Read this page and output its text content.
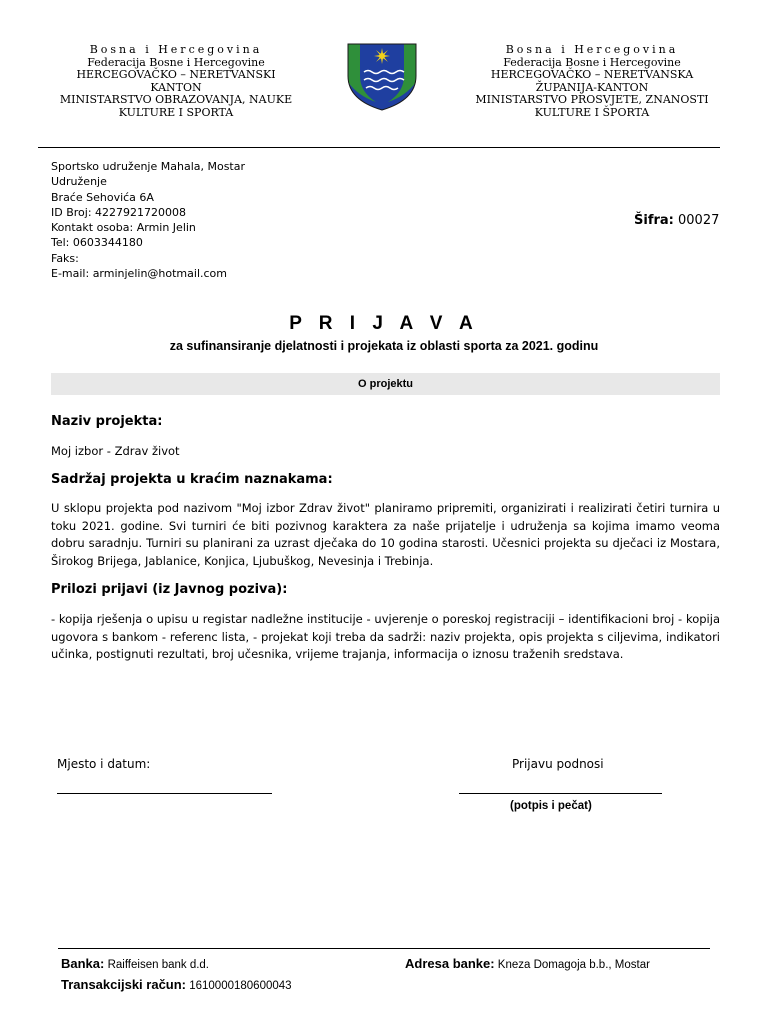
Bosna i Hercegovina
Federacija Bosne i Hercegovine
HERCEGOVAČKO – NERETVANSKI
KANTON
MINISTARSTVO OBRAZOVANJA, NAUKE
KULTURE I SPORTA
Bosna i Hercegovina
Federacija Bosne i Hercegovine
HERCEGOVAČKO – NERETVANSKA
ŽUPANIJA-KANTON
MINISTARSTVO PROSVJETE, ZNANOSTI
KULTURE I ŠPORTA
Sportsko udruženje Mahala, Mostar
Udruženje
Braće Sehovića 6A
ID Broj: 4227921720008
Kontakt osoba: Armin Jelin
Tel: 0603344180
Faks:
E-mail: arminjelin@hotmail.com
Šifra: 00027
P R I J A V A
za sufinansiranje djelatnosti i projekata iz oblasti sporta za 2021. godinu
O projektu
Naziv projekta:
Moj izbor - Zdrav život
Sadržaj projekta u kraćim naznakama:
U sklopu projekta pod nazivom "Moj izbor Zdrav život" planiramo pripremiti, organizirati i realizirati četiri turnira u toku 2021. godine. Svi turniri će biti pozivnog karaktera za naše prijatelje i udruženja sa kojima imamo veoma dobru saradnju. Turniri su planirani za uzrast dječaka do 10 godina starosti. Učesnici projekta su dječaci iz Mostara, Širokog Brijega, Jablanice, Konjica, Ljubuškog, Nevesinja i Trebinja.
Prilozi prijavi (iz Javnog poziva):
- kopija rješenja o upisu u registar nadležne institucije - uvjerenje o poreskoj registraciji – identifikacioni broj - kopija ugovora s bankom - referenc lista, - projekat koji treba da sadrži: naziv projekta, opis projekta s ciljevima, indikatori učinka, postignuti rezultati, broj učesnika, vrijeme trajanja, informacija o iznosu traženih sredstava.
Mjesto i datum:	Prijavu podnosi
(potpis i pečat)
Banka: Raiffeisen bank d.d.	Adresa banke: Kneza Domagoja b.b., Mostar
Transakcijski račun: 1610000180600043
